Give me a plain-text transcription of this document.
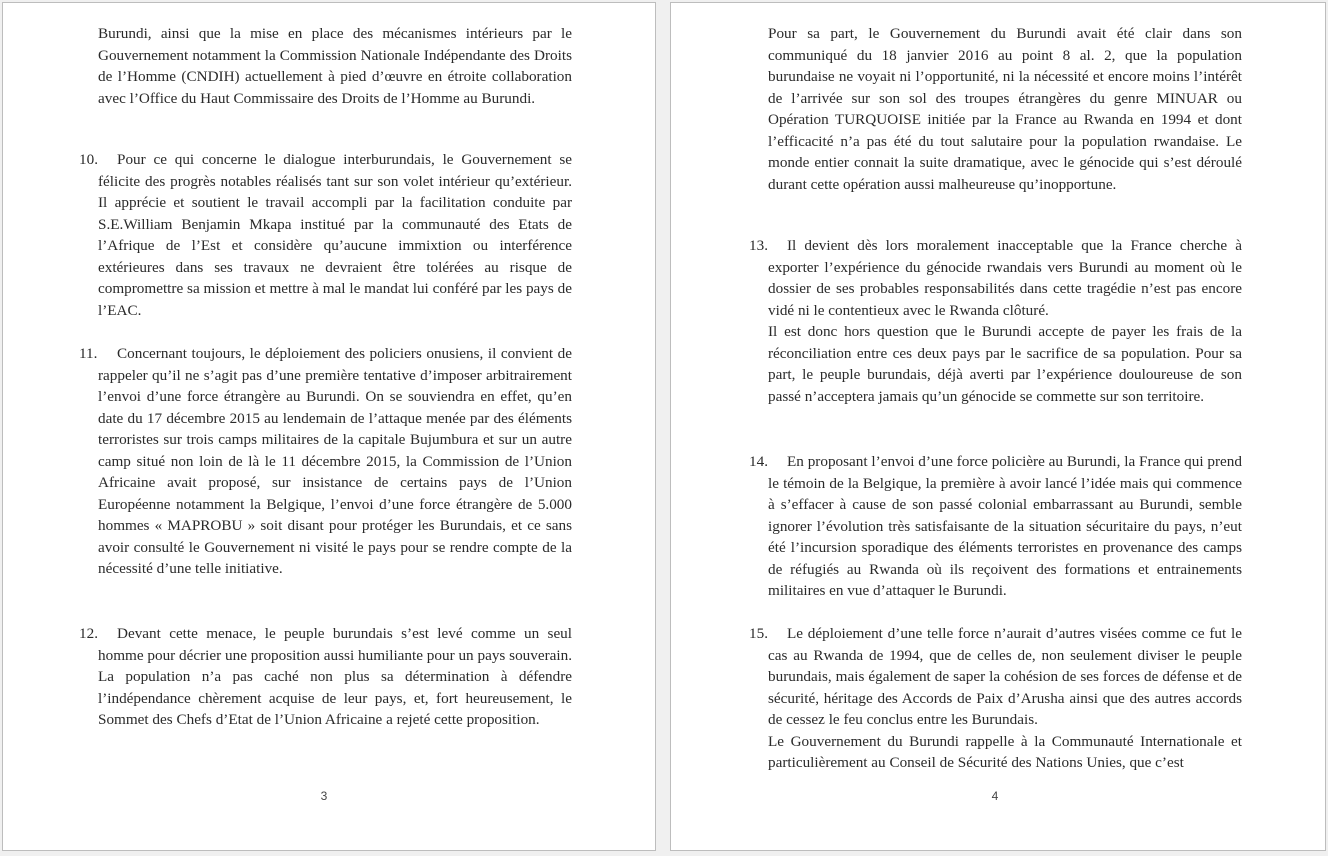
Burundi, ainsi que la mise en place des mécanismes intérieurs par le Gouvernement notamment la Commission Nationale Indépendante des Droits de l’Homme (CNDIH) actuellement à pied d’œuvre en étroite collaboration avec l’Office du Haut Commissaire des Droits de l’Homme au Burundi.

10.	Pour ce qui concerne le dialogue interburundais, le Gouvernement se félicite des progrès notables réalisés tant sur son volet intérieur qu’extérieur. Il apprécie et soutient le travail accompli par la facilitation conduite par S.E.William Benjamin Mkapa institué par la communauté des Etats de l’Afrique de l’Est et considère qu’aucune immixtion ou interférence extérieures dans ses travaux ne devraient être tolérées au risque de compromettre sa mission et mettre à mal le mandat lui conféré par les pays de l’EAC.

11.	Concernant toujours, le déploiement des policiers onusiens, il convient de rappeler qu’il ne s’agit pas d’une première tentative d’imposer arbitrairement l’envoi d’une force étrangère au Burundi. On se souviendra en effet, qu’en date du 17 décembre 2015 au lendemain de l’attaque menée par des éléments terroristes sur trois camps militaires de la capitale Bujumbura et sur un autre camp situé non loin de là le 11 décembre 2015, la Commission de l’Union Africaine avait proposé, sur insistance de certains pays de l’Union Européenne notamment la Belgique, l’envoi d’une force étrangère de 5.000 hommes « MAPROBU » soit disant pour protéger les Burundais, et ce sans avoir consulté le Gouvernement ni visité le pays pour se rendre compte de la nécessité d’une telle initiative.

12.	Devant cette menace, le peuple burundais s’est levé comme un seul homme pour décrier une proposition aussi humiliante pour un pays souverain. La population n’a pas caché non plus sa détermination à défendre l’indépendance chèrement acquise de leur pays, et, fort heureusement, le Sommet des Chefs d’Etat de l’Union Africaine a rejeté cette proposition.

3

Pour sa part, le Gouvernement du Burundi avait été clair dans son communiqué du 18 janvier 2016 au point 8 al. 2, que la population burundaise ne voyait ni l’opportunité, ni la nécessité et encore moins l’intérêt de l’arrivée sur son sol des troupes étrangères du genre MINUAR ou Opération TURQUOISE initiée par la France au Rwanda en 1994 et dont l’efficacité n’a pas été du tout salutaire pour la population rwandaise. Le monde entier connait la suite dramatique, avec le génocide qui s’est déroulé durant cette opération aussi malheureuse qu’inopportune.

13.	Il devient dès lors moralement inacceptable que la France cherche à exporter l’expérience du génocide rwandais vers Burundi au moment où le dossier de ses probables responsabilités dans cette tragédie n’est pas encore vidé ni le contentieux avec le Rwanda clôturé.

Il est donc hors question que le Burundi accepte de payer les frais de la réconciliation entre ces deux pays par le sacrifice de sa population. Pour sa part, le peuple burundais, déjà averti par l’expérience douloureuse de son passé n’acceptera jamais qu’un génocide se commette sur son territoire.

14.	En proposant l’envoi d’une force policière au Burundi, la France qui prend le témoin de la Belgique, la première à avoir lancé l’idée mais qui commence à s’effacer à cause de son passé colonial embarrassant au Burundi, semble ignorer l’évolution très satisfaisante de la situation sécuritaire du pays, n’eut été l’incursion sporadique des éléments terroristes en provenance des camps de réfugiés au Rwanda où ils reçoivent des formations et entrainements militaires en vue d’attaquer le Burundi.

15.	Le déploiement d’une telle force n’aurait d’autres visées comme ce fut le cas au Rwanda de 1994, que de celles de, non seulement diviser le peuple burundais, mais également de saper la cohésion de ses forces de défense et de sécurité, héritage des Accords de Paix d’Arusha ainsi que des autres accords de cessez le feu conclus entre les Burundais.

Le Gouvernement du Burundi rappelle à la Communauté Internationale et particulièrement au Conseil de Sécurité des Nations Unies, que c’est

4
